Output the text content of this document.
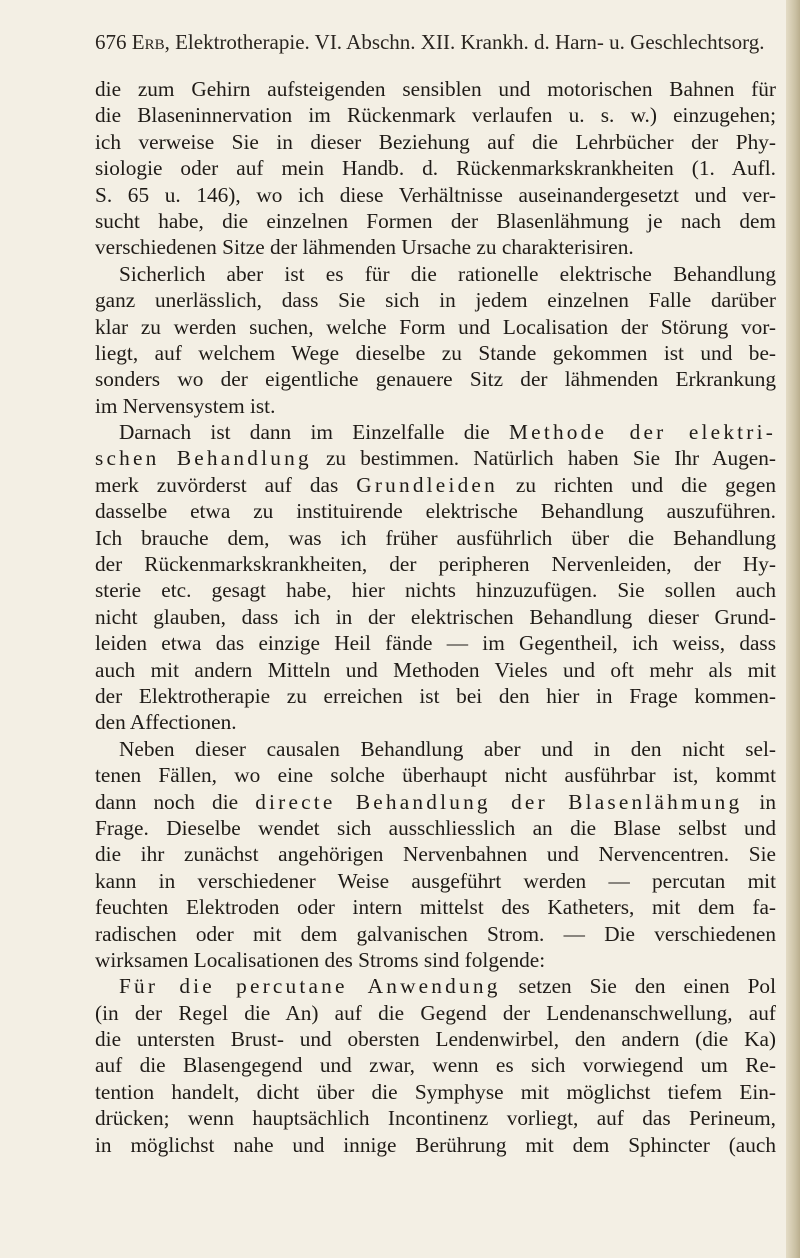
676 Erb, Elektrotherapie. VI. Abschn. XII. Krankh. d. Harn- u. Geschlechtsorg.
die zum Gehirn aufsteigenden sensiblen und motorischen Bahnen für
die Blaseninnervation im Rückenmark verlaufen u. s. w.) einzugehen;
ich verweise Sie in dieser Beziehung auf die Lehrbücher der Phy-
siologie oder auf mein Handb. d. Rückenmarkskrankheiten (1. Aufl.
S. 65 u. 146), wo ich diese Verhältnisse auseinandergesetzt und ver-
sucht habe, die einzelnen Formen der Blasenlähmung je nach dem
verschiedenen Sitze der lähmenden Ursache zu charakterisiren.
Sicherlich aber ist es für die rationelle elektrische Behandlung
ganz unerlässlich, dass Sie sich in jedem einzelnen Falle darüber
klar zu werden suchen, welche Form und Localisation der Störung vor-
liegt, auf welchem Wege dieselbe zu Stande gekommen ist und be-
sonders wo der eigentliche genauere Sitz der lähmenden Erkrankung
im Nervensystem ist.
Darnach ist dann im Einzelfalle die Methode der elektri-
schen Behandlung zu bestimmen. Natürlich haben Sie Ihr Augen-
merk zuvörderst auf das Grundleiden zu richten und die gegen
dasselbe etwa zu instituirende elektrische Behandlung auszuführen.
Ich brauche dem, was ich früher ausführlich über die Behandlung
der Rückenmarkskrankheiten, der peripheren Nervenleiden, der Hy-
sterie etc. gesagt habe, hier nichts hinzuzufügen. Sie sollen auch
nicht glauben, dass ich in der elektrischen Behandlung dieser Grund-
leiden etwa das einzige Heil fände — im Gegentheil, ich weiss, dass
auch mit andern Mitteln und Methoden Vieles und oft mehr als mit
der Elektrotherapie zu erreichen ist bei den hier in Frage kommen-
den Affectionen.
Neben dieser causalen Behandlung aber und in den nicht sel-
tenen Fällen, wo eine solche überhaupt nicht ausführbar ist, kommt
dann noch die directe Behandlung der Blasenlähmung in
Frage. Dieselbe wendet sich ausschliesslich an die Blase selbst und
die ihr zunächst angehörigen Nervenbahnen und Nervencentren. Sie
kann in verschiedener Weise ausgeführt werden — percutan mit
feuchten Elektroden oder intern mittelst des Katheters, mit dem fa-
radischen oder mit dem galvanischen Strom. — Die verschiedenen
wirksamen Localisationen des Stroms sind folgende:
Für die percutane Anwendung setzen Sie den einen Pol
(in der Regel die An) auf die Gegend der Lendenanschwellung, auf
die untersten Brust- und obersten Lendenwirbel, den andern (die Ka)
auf die Blasengegend und zwar, wenn es sich vorwiegend um Re-
tention handelt, dicht über die Symphyse mit möglichst tiefem Ein-
drücken; wenn hauptsächlich Incontinenz vorliegt, auf das Perineum,
in möglichst nahe und innige Berührung mit dem Sphincter (auch
